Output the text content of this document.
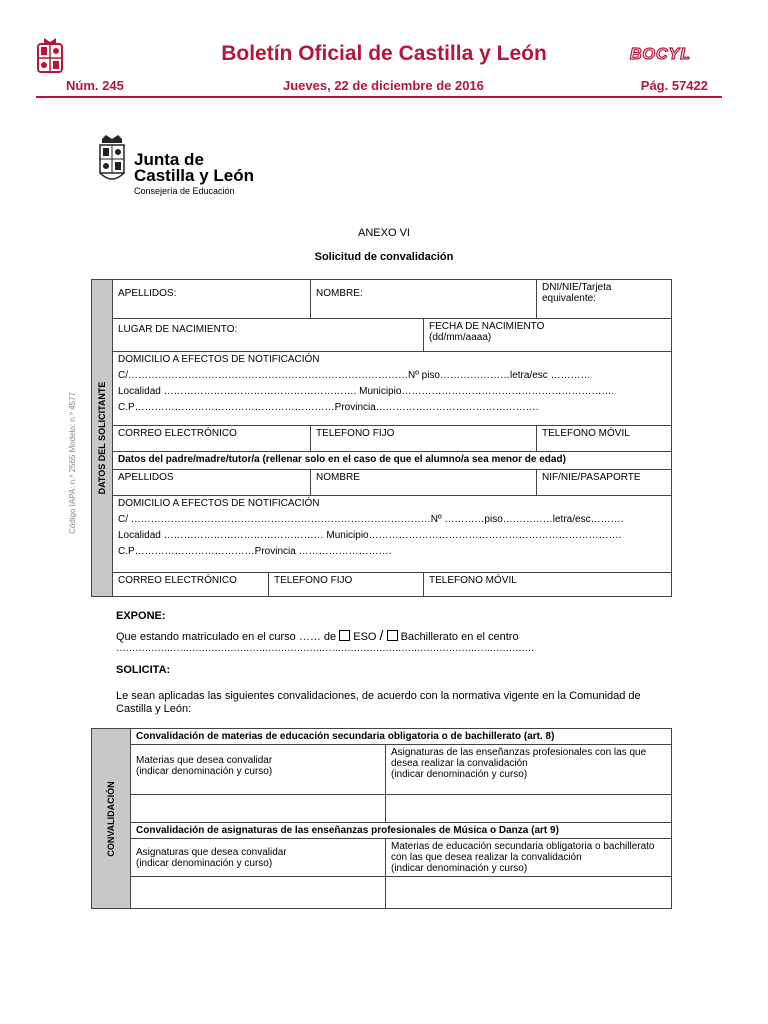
Boletín Oficial de Castilla y León	BOCYL
Núm. 245	Jueves, 22 de diciembre de 2016	Pág. 57422
Junta de
Castilla y León
Consejería de Educación
Código IAPA: n.º 2565 Modelo: n.º 4577
ANEXO VI
Solicitud de convalidación
DATOS DEL SOLICITANTE	APELLIDOS:		NOMBRE:		DNI/NIE/Tarjeta equivalente:
	LUGAR DE NACIMIENTO:			FECHA DE NACIMIENTO
(dd/mm/aaaa)	
	DOMICILIO A EFECTOS DE NOTIFICACIÓN
C/…………………………………………………………………………Nº piso…………………letra/esc …………
Localidad …………………………………………………. Municipio……………………………………………………….
C.P……………………………………………………Provincia………………………………………….				

	CORREO ELECTRÓNICO		TELEFONO FIJO		TELEFONO MÓVIL
	Datos del padre/madre/tutor/a (rellenar solo en el caso de que el alumno/a sea menor de edad)				
	APELLIDOS		NOMBRE		NIF/NIE/PASAPORTE
	DOMICILIO A EFECTOS DE NOTIFICACIÓN
C/ ………………………………………………………………………………Nº …………piso……………letra/esc……….
Localidad ………………………………………… Municipio………………………………………………………………….
C.P………………………………Provincia ……………………….				

	CORREO ELECTRÓNICO	TELEFONO FIJO		TELEFONO MÓVIL	
EXPONE:
Que estando matriculado en el curso …… de ESO / Bachillerato en el centro
……………………………………………………………………………………………………………………
SOLICITA:
Le sean aplicadas las siguientes convalidaciones, de acuerdo con la normativa vigente en la Comunidad de Castilla y León:
CONVALIDACIÓN	Convalidación de materias de educación secundaria obligatoria o de bachillerato (art. 8)	
	Materias que desea convalidar
(indicar denominación y curso)	Asignaturas de las enseñanzas profesionales con las que desea realizar la convalidación
(indicar denominación y curso)

	Convalidación de asignaturas de las enseñanzas profesionales de Música o Danza (art 9)	
	Asignaturas que desea convalidar
(indicar denominación y curso)	Materias de educación secundaria obligatoria o bachillerato con las que desea realizar la convalidación
(indicar denominación y curso)
